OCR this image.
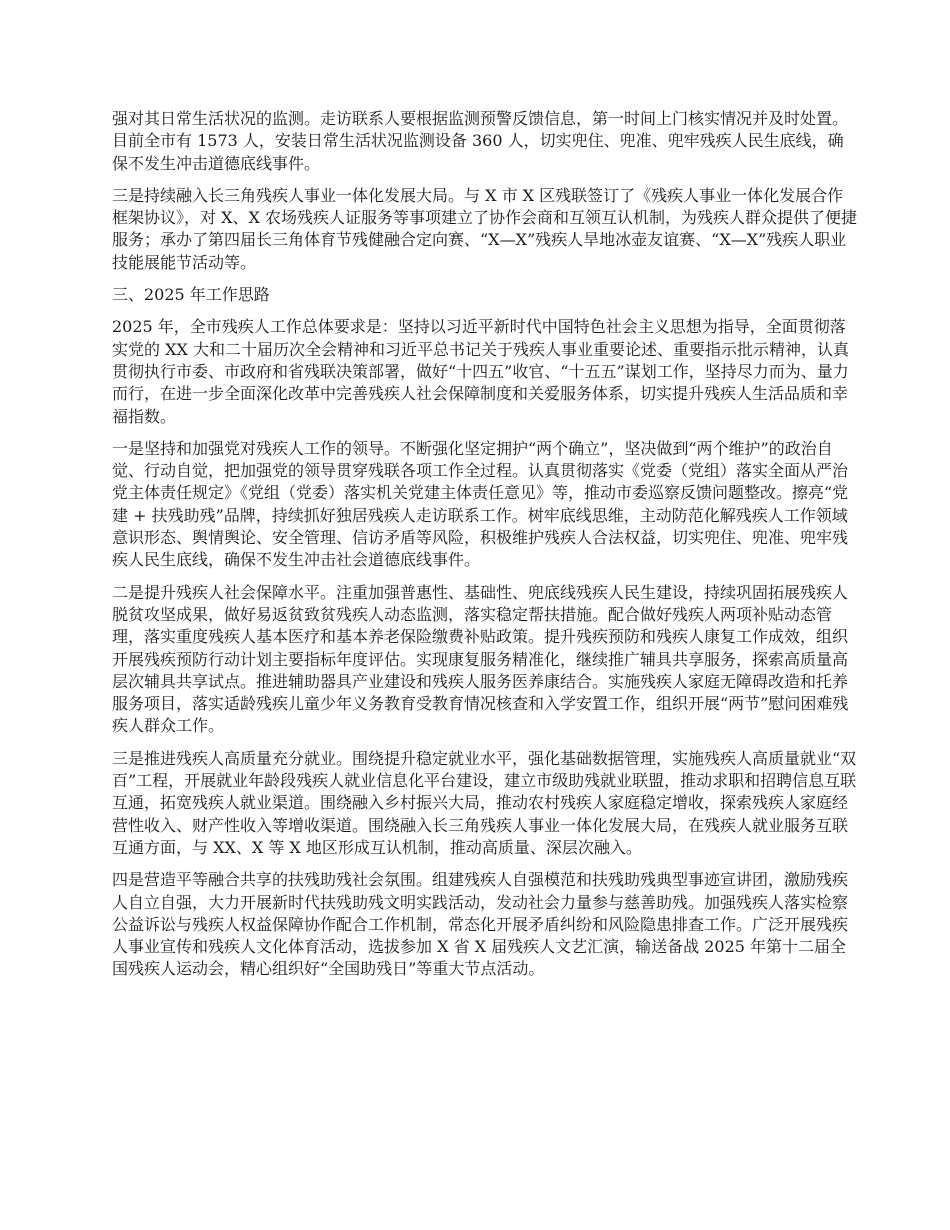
强对其日常生活状况的监测。走访联系人要根据监测预警反馈信息，第一时间上门核实情况并及时处置。目前全市有 1573 人，安装日常生活状况监测设备 360 人，切实兜住、兜准、兜牢残疾人民生底线，确保不发生冲击道德底线事件。

三是持续融入长三角残疾人事业一体化发展大局。与 X 市 X 区残联签订了《残疾人事业一体化发展合作框架协议》，对 X、X 农场残疾人证服务等事项建立了协作会商和互领互认机制，为残疾人群众提供了便捷服务；承办了第四届长三角体育节残健融合定向赛、“X—X”残疾人旱地冰壶友谊赛、“X—X”残疾人职业技能展能节活动等。

三、2025 年工作思路

2025 年，全市残疾人工作总体要求是：坚持以习近平新时代中国特色社会主义思想为指导，全面贯彻落实党的 XX 大和二十届历次全会精神和习近平总书记关于残疾人事业重要论述、重要指示批示精神，认真贯彻执行市委、市政府和省残联决策部署，做好“十四五”收官、“十五五”谋划工作，坚持尽力而为、量力而行，在进一步全面深化改革中完善残疾人社会保障制度和关爱服务体系，切实提升残疾人生活品质和幸福指数。

一是坚持和加强党对残疾人工作的领导。不断强化坚定拥护“两个确立”，坚决做到“两个维护”的政治自觉、行动自觉，把加强党的领导贯穿残联各项工作全过程。认真贯彻落实《党委（党组）落实全面从严治党主体责任规定》《党组（党委）落实机关党建主体责任意见》等，推动市委巡察反馈问题整改。擦亮“党建 + 扶残助残”品牌，持续抓好独居残疾人走访联系工作。树牢底线思维，主动防范化解残疾人工作领域意识形态、舆情舆论、安全管理、信访矛盾等风险，积极维护残疾人合法权益，切实兜住、兜准、兜牢残疾人民生底线，确保不发生冲击社会道德底线事件。

二是提升残疾人社会保障水平。注重加强普惠性、基础性、兜底线残疾人民生建设，持续巩固拓展残疾人脱贫攻坚成果，做好易返贫致贫残疾人动态监测，落实稳定帮扶措施。配合做好残疾人两项补贴动态管理，落实重度残疾人基本医疗和基本养老保险缴费补贴政策。提升残疾预防和残疾人康复工作成效，组织开展残疾预防行动计划主要指标年度评估。实现康复服务精准化，继续推广辅具共享服务，探索高质量高层次辅具共享试点。推进辅助器具产业建设和残疾人服务医养康结合。实施残疾人家庭无障碍改造和托养服务项目，落实适龄残疾儿童少年义务教育受教育情况核查和入学安置工作，组织开展“两节”慰问困难残疾人群众工作。

三是推进残疾人高质量充分就业。围绕提升稳定就业水平，强化基础数据管理，实施残疾人高质量就业“双百”工程，开展就业年龄段残疾人就业信息化平台建设，建立市级助残就业联盟，推动求职和招聘信息互联互通，拓宽残疾人就业渠道。围绕融入乡村振兴大局，推动农村残疾人家庭稳定增收，探索残疾人家庭经营性收入、财产性收入等增收渠道。围绕融入长三角残疾人事业一体化发展大局，在残疾人就业服务互联互通方面，与 XX、X 等 X 地区形成互认机制，推动高质量、深层次融入。

四是营造平等融合共享的扶残助残社会氛围。组建残疾人自强模范和扶残助残典型事迹宣讲团，激励残疾人自立自强，大力开展新时代扶残助残文明实践活动，发动社会力量参与慈善助残。加强残疾人落实检察公益诉讼与残疾人权益保障协作配合工作机制，常态化开展矛盾纠纷和风险隐患排查工作。广泛开展残疾人事业宣传和残疾人文化体育活动，选拔参加 X 省 X 届残疾人文艺汇演，输送备战 2025 年第十二届全国残疾人运动会，精心组织好“全国助残日”等重大节点活动。
